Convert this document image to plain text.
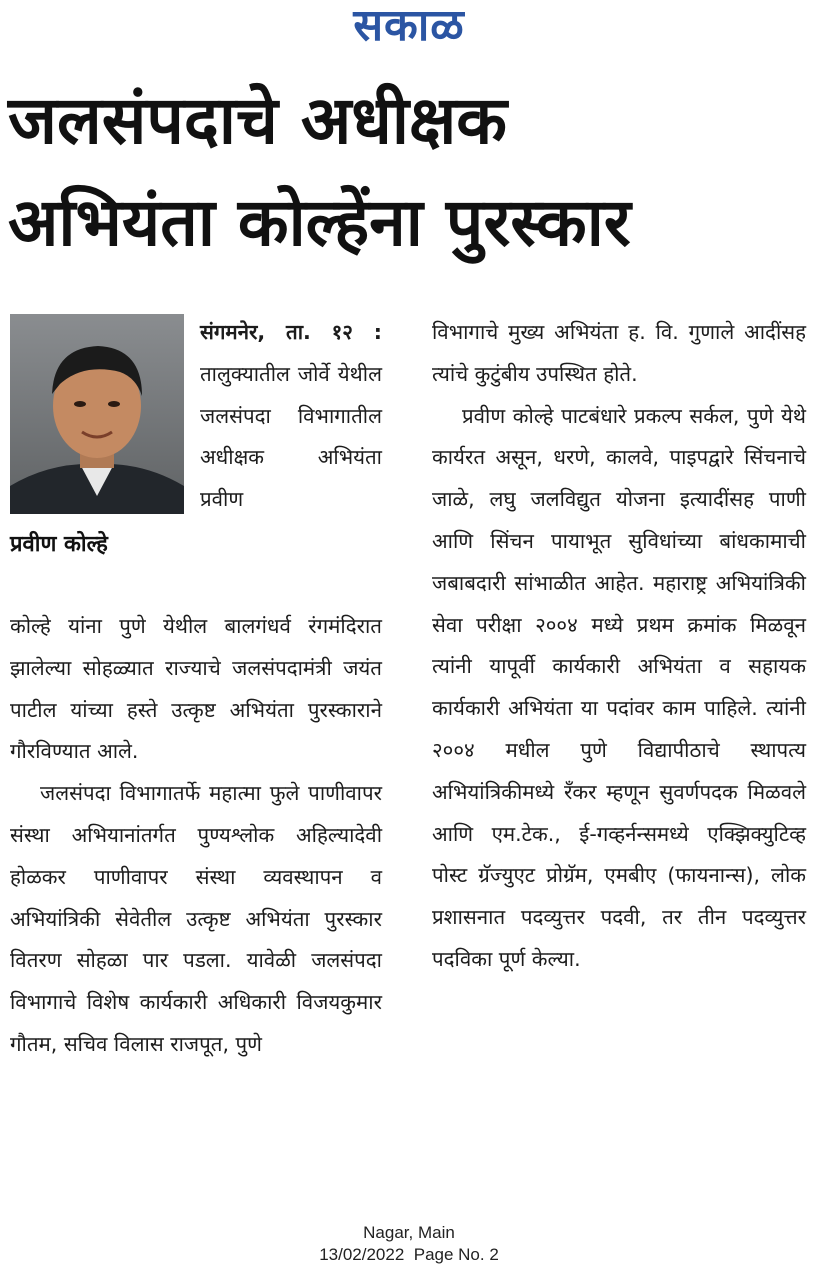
सकाळ
जलसंपदाचे अधीक्षक
अभियंता कोल्हेंना पुरस्कार
प्रवीण कोल्हे

संगमनेर, ता. १२ : तालुक्यातील जोर्वे येथील जलसंपदा विभागातील अधीक्षक अभियंता प्रवीण

कोल्हे यांना पुणे येथील बालगंधर्व रंगमंदिरात झालेल्या सोहळ्यात राज्याचे जलसंपदामंत्री जयंत पाटील यांच्या हस्ते उत्कृष्ट अभियंता पुरस्काराने गौरविण्यात आले.

जलसंपदा विभागातर्फे महात्मा फुले पाणीवापर संस्था अभियानांतर्गत पुण्यश्लोक अहिल्यादेवी होळकर पाणीवापर संस्था व्यवस्थापन व अभियांत्रिकी सेवेतील उत्कृष्ट अभियंता पुरस्कार वितरण सोहळा पार पडला. यावेळी जलसंपदा विभागाचे विशेष कार्यकारी अधिकारी विजयकुमार गौतम, सचिव विलास राजपूत, पुणे

विभागाचे मुख्य अभियंता ह. वि. गुणाले आदींसह त्यांचे कुटुंबीय उपस्थित होते.

प्रवीण कोल्हे पाटबंधारे प्रकल्प सर्कल, पुणे येथे कार्यरत असून, धरणे, कालवे, पाइपद्वारे सिंचनाचे जाळे, लघु जलविद्युत योजना इत्यादींसह पाणी आणि सिंचन पायाभूत सुविधांच्या बांधकामाची जबाबदारी सांभाळीत आहेत. महाराष्ट्र अभियांत्रिकी सेवा परीक्षा २००४ मध्ये प्रथम क्रमांक मिळवून त्यांनी यापूर्वी कार्यकारी अभियंता व सहायक कार्यकारी अभियंता या पदांवर काम पाहिले. त्यांनी २००४ मधील पुणे विद्यापीठाचे स्थापत्य अभियांत्रिकीमध्ये रँकर म्हणून सुवर्णपदक मिळवले आणि एम.टेक., ई-गव्हर्नन्समध्ये एक्झिक्युटिव्ह पोस्ट ग्रॅज्युएट प्रोग्रॅम, एमबीए (फायनान्स), लोक प्रशासनात पदव्युत्तर पदवी, तर तीन पदव्युत्तर पदविका पूर्ण केल्या.

Nagar, Main
13/02/2022  Page No. 2
